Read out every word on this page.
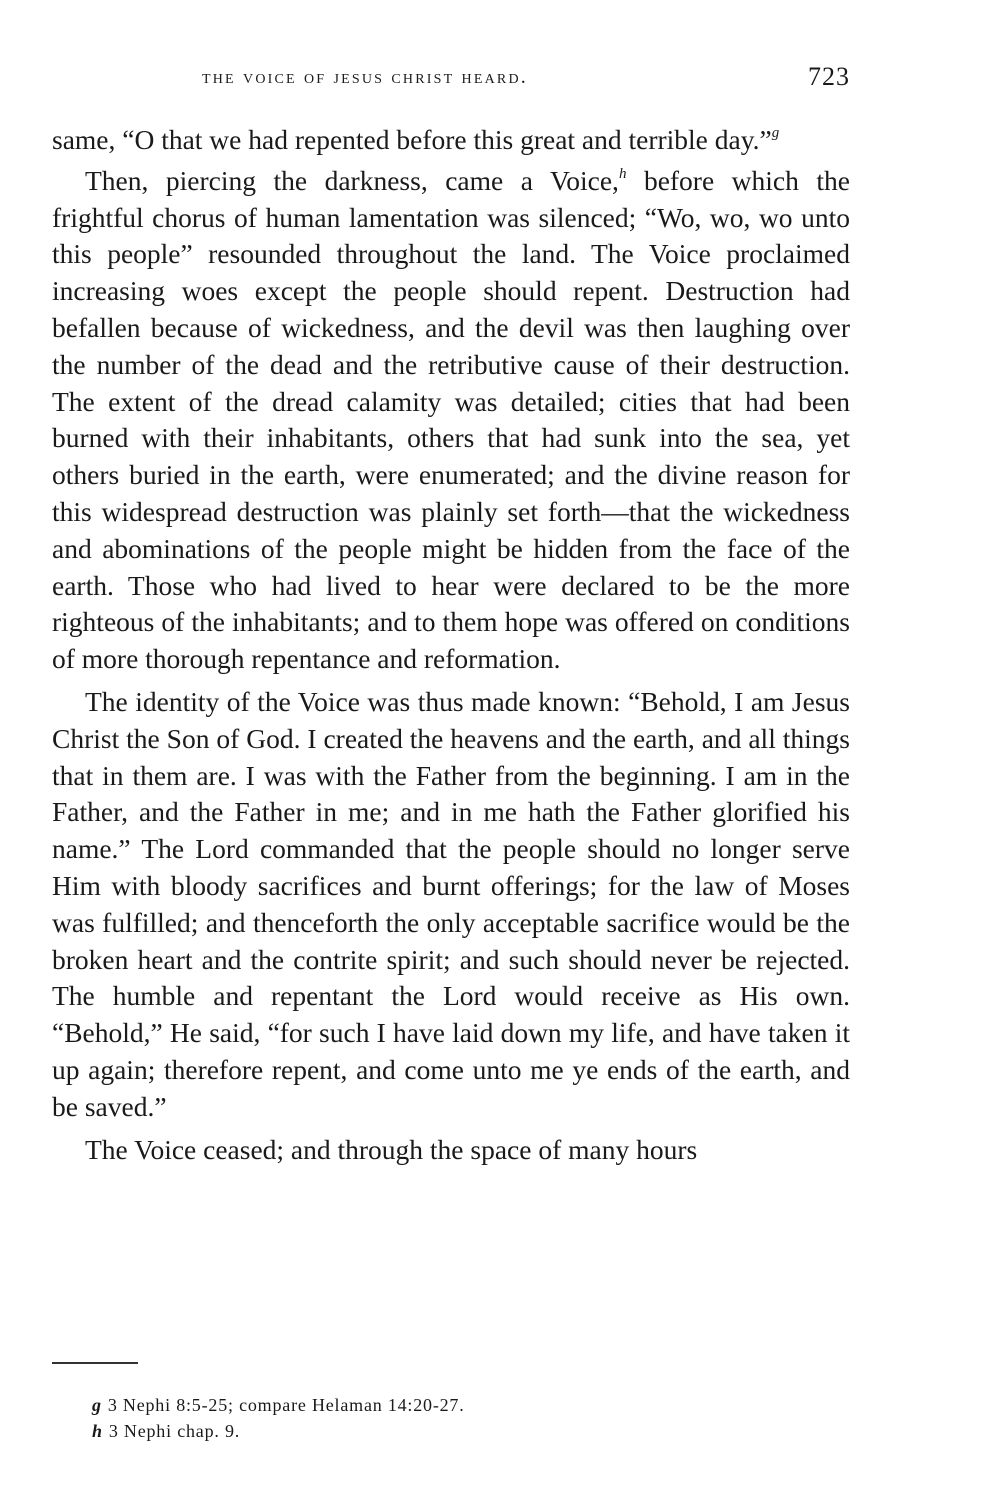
the voice of jesus christ heard.	723

same, “O that we had repented before this great and terrible day.”$^g$

Then, piercing the darkness, came a Voice,$^h$ before which the frightful chorus of human lamentation was silenced; “Wo, wo, wo unto this people” resounded throughout the land. The Voice proclaimed increasing woes except the people should repent. Destruction had befallen because of wickedness, and the devil was then laughing over the number of the dead and the retributive cause of their destruction. The extent of the dread calamity was detailed; cities that had been burned with their inhabitants, others that had sunk into the sea, yet others buried in the earth, were enumerated; and the divine reason for this widespread destruction was plainly set forth—that the wickedness and abominations of the people might be hidden from the face of the earth. Those who had lived to hear were declared to be the more righteous of the inhabitants; and to them hope was offered on conditions of more thorough repentance and reformation.

The identity of the Voice was thus made known: “Behold, I am Jesus Christ the Son of God. I created the heavens and the earth, and all things that in them are. I was with the Father from the beginning. I am in the Father, and the Father in me; and in me hath the Father glorified his name.” The Lord commanded that the people should no longer serve Him with bloody sacrifices and burnt offerings; for the law of Moses was fulfilled; and thenceforth the only acceptable sacrifice would be the broken heart and the contrite spirit; and such should never be rejected. The humble and repentant the Lord would receive as His own. “Behold,” He said, “for such I have laid down my life, and have taken it up again; therefore repent, and come unto me ye ends of the earth, and be saved.”

The Voice ceased; and through the space of many hours

g 3 Nephi 8:5-25; compare Helaman 14:20-27.
h 3 Nephi chap. 9.
